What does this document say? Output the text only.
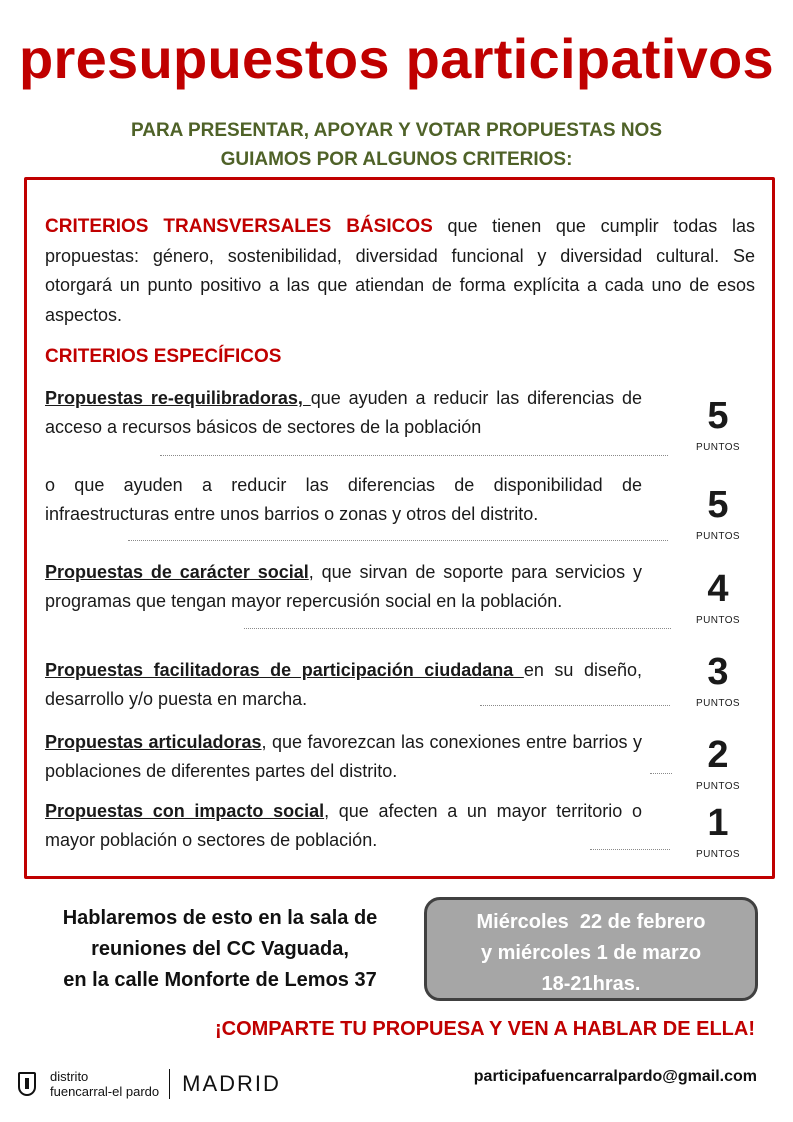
presupuestos participativos
PARA PRESENTAR, APOYAR Y VOTAR PROPUESTAS NOS
GUIAMOS POR ALGUNOS CRITERIOS:
CRITERIOS TRANSVERSALES BÁSICOS que tienen que cumplir todas las propuestas: género, sostenibilidad, diversidad funcional y diversidad cultural. Se otorgará un punto positivo a las que atiendan de forma explícita a cada uno de esos aspectos.
CRITERIOS ESPECÍFICOS
Propuestas re-equilibradoras, que ayuden a reducir las diferencias de acceso a recursos básicos de sectores de la población	5
PUNTOS
o que ayuden a reducir las diferencias de disponibilidad de infraestructuras entre unos barrios o zonas y otros del distrito.	5
PUNTOS
Propuestas de carácter social, que sirvan de soporte para servicios y programas que tengan mayor repercusión social en la población.	4
PUNTOS
Propuestas facilitadoras de participación ciudadana en su diseño, desarrollo y/o puesta en marcha.
3
PUNTOS
Propuestas articuladoras, que favorezcan las conexiones entre barrios y poblaciones de diferentes partes del distrito.	2
PUNTOS
Propuestas con impacto social, que afecten a un mayor territorio o mayor población o sectores de población.	1
PUNTOS
Hablaremos de esto en la sala de
reuniones del CC Vaguada,
en la calle Monforte de Lemos 37
Miércoles  22 de febrero
y miércoles 1 de marzo
18-21hras.
¡COMPARTE TU PROPUESA Y VEN A HABLAR DE ELLA!
distrito
fuencarral-el pardo MADRID	participafuencarralpardo@gmail.com
